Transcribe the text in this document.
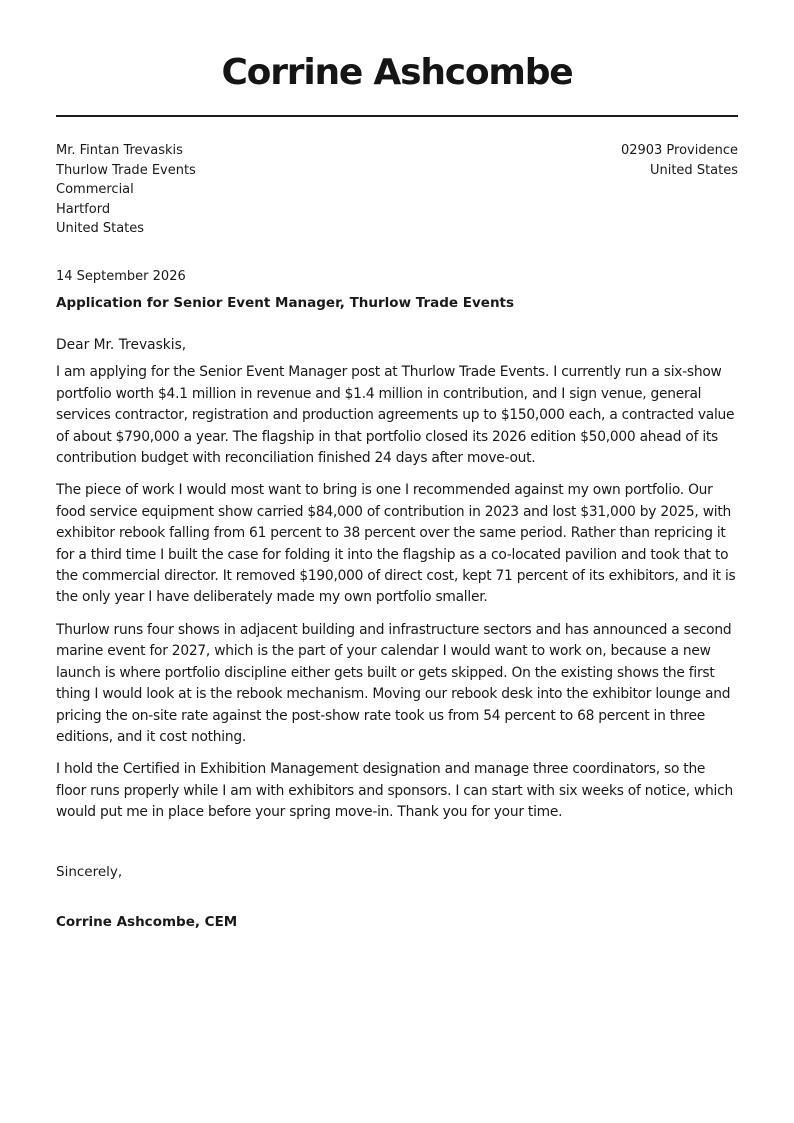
Corrine Ashcombe
Mr. Fintan Trevaskis
Thurlow Trade Events
Commercial
Hartford
United States
02903 Providence
United States
14 September 2026
Application for Senior Event Manager, Thurlow Trade Events

Dear Mr. Trevaskis,

I am applying for the Senior Event Manager post at Thurlow Trade Events. I currently run a six-show portfolio worth $4.1 million in revenue and $1.4 million in contribution, and I sign venue, general services contractor, registration and production agreements up to $150,000 each, a contracted value of about $790,000 a year. The flagship in that portfolio closed its 2026 edition $50,000 ahead of its contribution budget with reconciliation finished 24 days after move-out.

The piece of work I would most want to bring is one I recommended against my own portfolio. Our food service equipment show carried $84,000 of contribution in 2023 and lost $31,000 by 2025, with exhibitor rebook falling from 61 percent to 38 percent over the same period. Rather than repricing it for a third time I built the case for folding it into the flagship as a co-located pavilion and took that to the commercial director. It removed $190,000 of direct cost, kept 71 percent of its exhibitors, and it is the only year I have deliberately made my own portfolio smaller.

Thurlow runs four shows in adjacent building and infrastructure sectors and has announced a second marine event for 2027, which is the part of your calendar I would want to work on, because a new launch is where portfolio discipline either gets built or gets skipped. On the existing shows the first thing I would look at is the rebook mechanism. Moving our rebook desk into the exhibitor lounge and pricing the on-site rate against the post-show rate took us from 54 percent to 68 percent in three editions, and it cost nothing.

I hold the Certified in Exhibition Management designation and manage three coordinators, so the floor runs properly while I am with exhibitors and sponsors. I can start with six weeks of notice, which would put me in place before your spring move-in. Thank you for your time.

Sincerely,
Corrine Ashcombe, CEM
